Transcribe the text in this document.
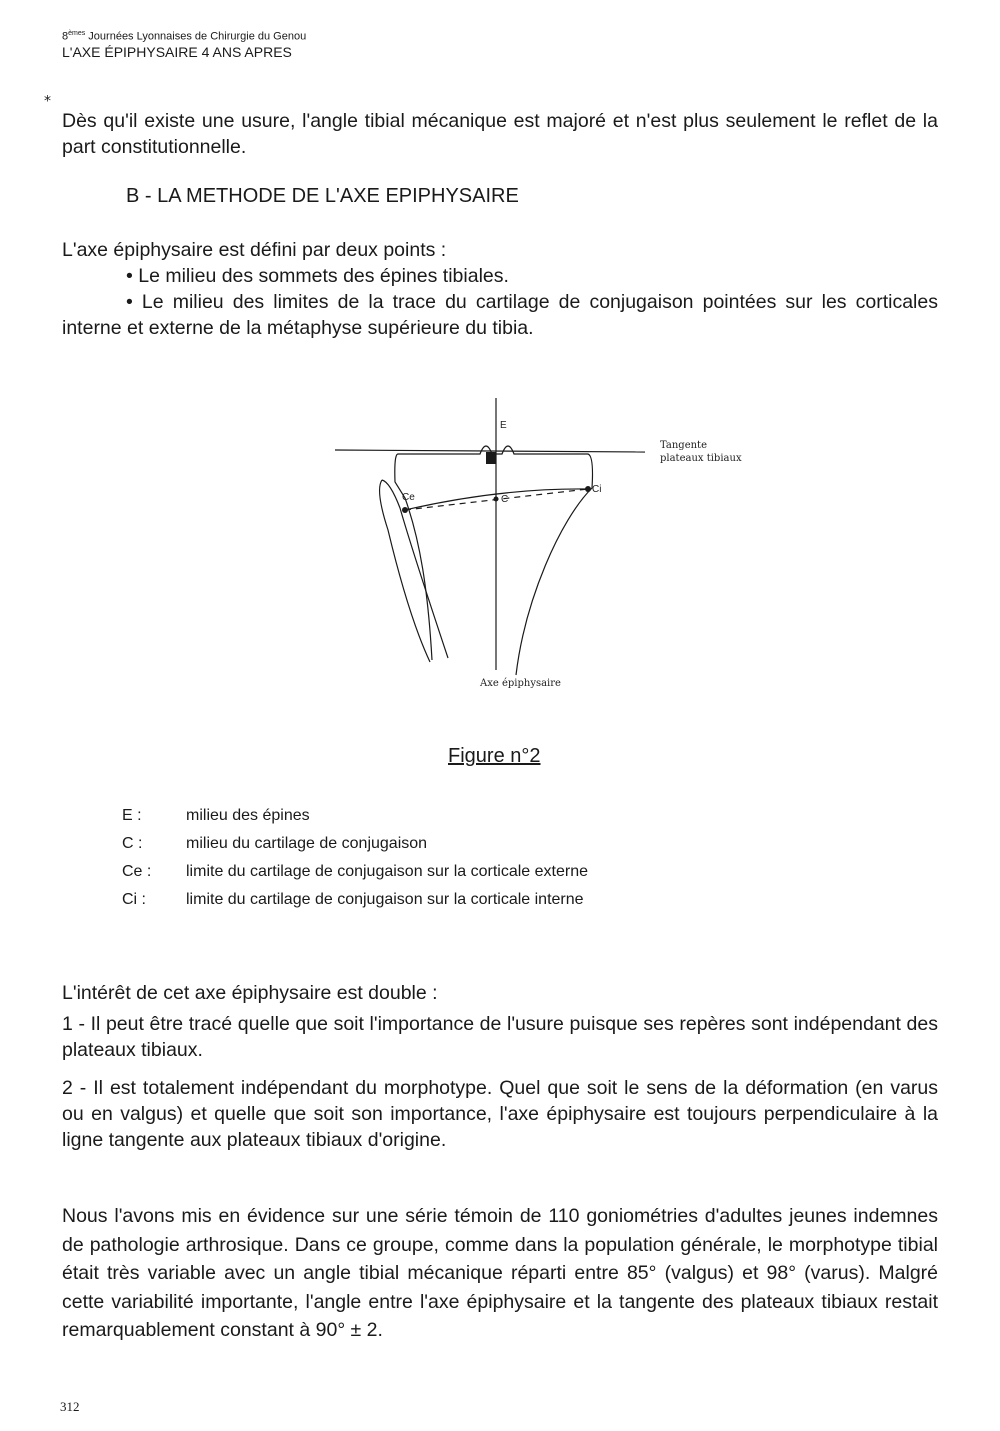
8èmes Journées Lyonnaises de Chirurgie du Genou
L'AXE ÉPIPHYSAIRE 4 ANS APRES
⁎

Dès qu'il existe une usure, l'angle tibial mécanique est majoré et n'est plus seulement le reflet de la part constitutionnelle.

B - LA METHODE DE L'AXE EPIPHYSAIRE

L'axe épiphysaire est défini par deux points :

• Le milieu des sommets des épines tibiales.

• Le milieu des limites de la trace du cartilage de conjugaison pointées sur les corticales interne et externe de la métaphyse supérieure du tibia.

E
Ce
Ci
C
Tangente
plateaux tibiaux
Axe épiphysaire

Figure n°2

E :	milieu des épines
C :	milieu du cartilage de conjugaison
Ce :	limite du cartilage de conjugaison sur la corticale externe
Ci :	limite du cartilage de conjugaison sur la corticale interne

L'intérêt de cet axe épiphysaire est double :

1 - Il peut être tracé quelle que soit l'importance de l'usure puisque ses repères sont indépendant des plateaux tibiaux.

2 - Il est totalement indépendant du morphotype. Quel que soit le sens de la déformation (en varus ou en valgus) et quelle que soit son importance, l'axe épiphysaire est toujours perpendiculaire à la ligne tangente aux plateaux tibiaux d'origine.

Nous l'avons mis en évidence sur une série témoin de 110 goniométries d'adultes jeunes indemnes de pathologie arthrosique. Dans ce groupe, comme dans la population générale, le morphotype tibial était très variable avec un angle tibial mécanique réparti entre 85° (valgus) et 98° (varus). Malgré cette variabilité importante, l'angle entre l'axe épiphysaire et la tangente des plateaux tibiaux restait remarquablement constant à 90° ± 2.

312
